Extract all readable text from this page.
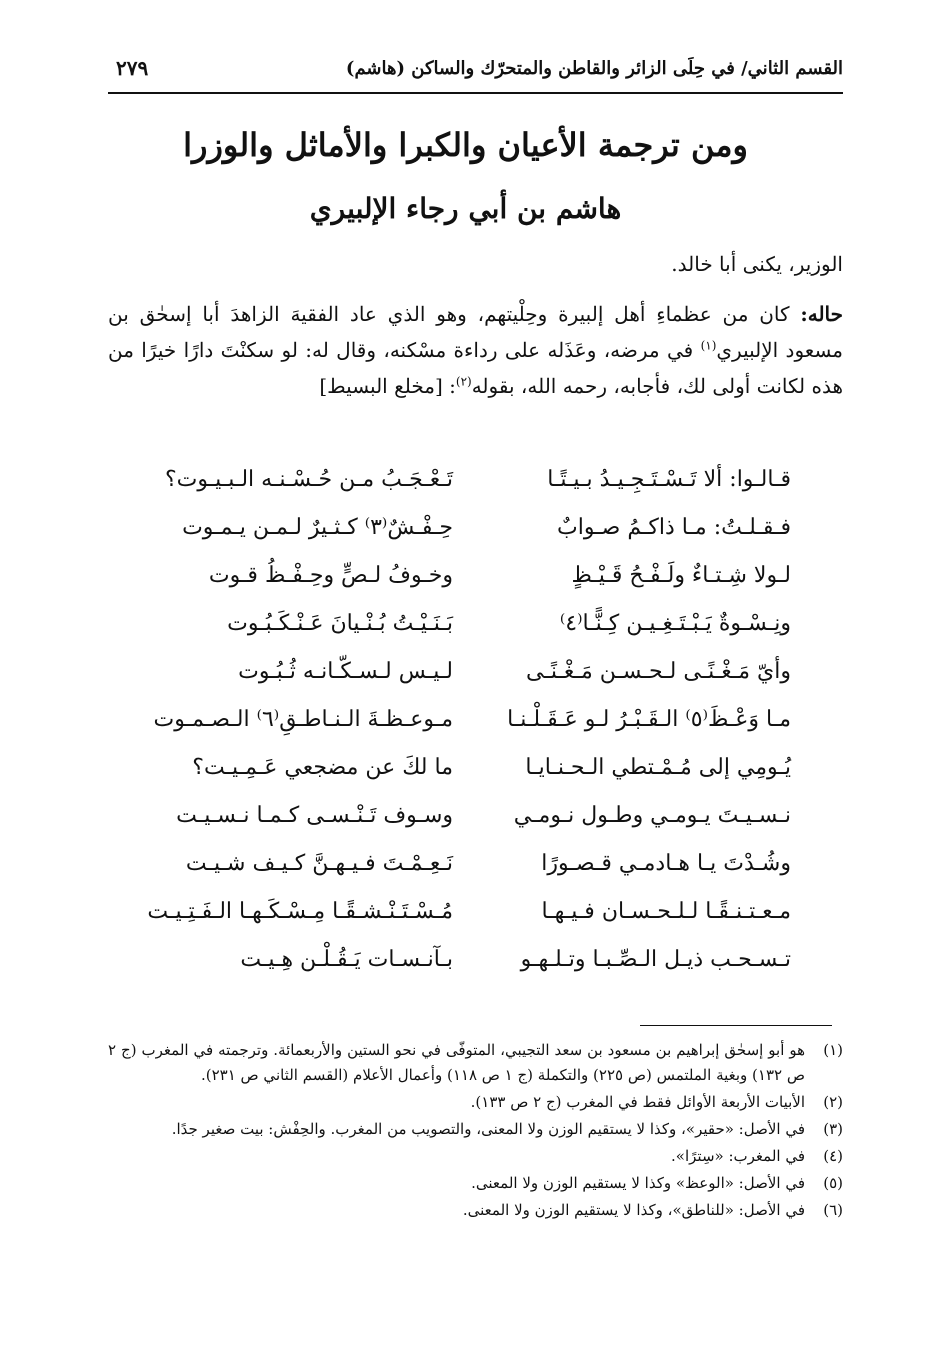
القسم الثاني/ في حِلَى الزائر والقاطن والمتحرّك والساكن (هاشم)
٢٧٩
ومن ترجمة الأعيان والكبرا والأماثل والوزرا
هاشم بن أبي رجاء الإلبيري
الوزير، يكنى أبا خالد.
حاله: كان من عظماءِ أهل إلبيرة وحِلْيتهم، وهو الذي عاد الفقيهَ الزاهدَ أبا إسحٰق بن مسعود الإلبيري$^{(١)}$ في مرضه، وعَذَله على رداءة مسْكنه، وقال له: لو سكنْتَ دارًا خيرًا من هذه لكانت أولى لك، فأجابه، رحمه الله، بقوله$^{(٢)}$: [مخلع البسيط]
قـالـوا: ألا تَـسْـتَـجِـيـدُ بـيـتًـا
تَـعْـجَـبُ مـن حُـسْـنـه الـبـيـوت؟
فـقـلـتُ: مـا ذاكـمُ صـوابٌ
حِـفْـشٌ⁽٣⁾ كـثـيرٌ لـمـن يـمـوت
لـولا شِـتـاءٌ ولَـفْـحُ قَـيْـظٍ
وخـوفُ لـصٍّ وحِـفْـظُ قـوت
ونِـسْـوةٌ يَـبْـتَـغِـيـن كِـنًّـا⁽٤⁾
بَـنَـيْـتُ بُـنْـيانَ عَـنْـكَـبُـوت
وأيّ مَـغْـنًـى لـحـسـن مَـغْـنًـى
لـيـس لـسـكّـانـه ثُـبُـوت
مـا وَعْـظَ⁽٥⁾ الـقَـبْـرُ لـو عَـقَـلْـنـا
مـوعـظـةَ الـنـاطـقِ⁽٦⁾ الـصـمـوت
يُـومِي إلى مُـمْـتطي الـحـنـايـا
ما لكَ عن مضجعي عَـمِـيـت؟
نـسـيـتَ يـومـي وطـول نـومـي
وسـوف تَـنْـسـى كـمـا نـسـيـت
وشُـدْتَ يـا هـادمـي قـصـورًا
نَـعِـمْـتَ فـيـهـنَّ كـيـف شـيـت
مـعـتـنـقًـا لـلـحـسـان فـيـهـا
مُـسْـتَـنْـشـقًـا مِـسْـكَـهـا الـفَـتِـيـت
تـسـحـب ذيـل الـصِّـبـا وتـلـهـو
بـآنـسـات يَـقُـلْـن هِـيـت
(١)
هو أبو إسحٰق إبراهيم بن مسعود بن سعد التجيبي، المتوفّى في نحو الستين والأربعمائة. وترجمته في المغرب (ج ٢ ص ١٣٢) وبغية الملتمس (ص ٢٢٥) والتكملة (ج ١ ص ١١٨) وأعمال الأعلام (القسم الثاني ص ٢٣١).
(٢)
الأبيات الأربعة الأوائل فقط في المغرب (ج ٢ ص ١٣٣).
(٣)
في الأصل: «حقير»، وكذا لا يستقيم الوزن ولا المعنى، والتصويب من المغرب. والحِفْش: بيت صغير جدًا.
(٤)
في المغرب: «سِترًا».
(٥)
في الأصل: «الوعظ» وكذا لا يستقيم الوزن ولا المعنى.
(٦)
في الأصل: «للناطق»، وكذا لا يستقيم الوزن ولا المعنى.
